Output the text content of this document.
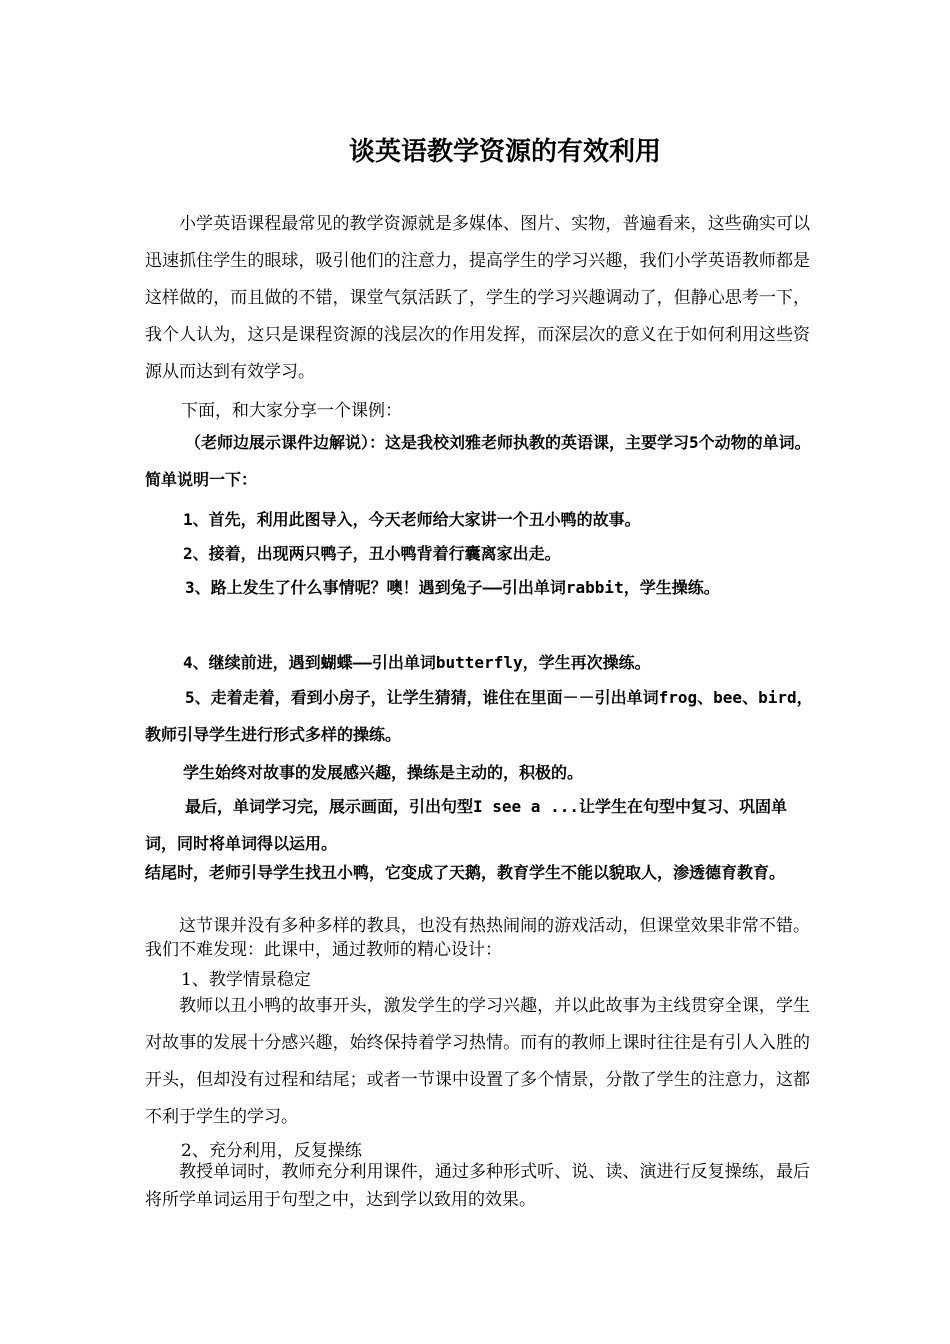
谈英语教学资源的有效利用

小学英语课程最常见的教学资源就是多媒体、图片、实物，普遍看来，这些确实可以迅速抓住学生的眼球，吸引他们的注意力，提高学生的学习兴趣，我们小学英语教师都是这样做的，而且做的不错，课堂气氛活跃了，学生的学习兴趣调动了，但静心思考一下，我个人认为，这只是课程资源的浅层次的作用发挥，而深层次的意义在于如何利用这些资源从而达到有效学习。

下面，和大家分享一个课例：

（老师边展示课件边解说）：这是我校刘雅老师执教的英语课，主要学习5个动物的单词。简单说明一下：

1、首先，利用此图导入，今天老师给大家讲一个丑小鸭的故事。

2、接着，出现两只鸭子，丑小鸭背着行囊离家出走。

3、路上发生了什么事情呢？噢！遇到兔子——引出单词rabbit，学生操练。

4、继续前进，遇到蝴蝶——引出单词butterfly，学生再次操练。

5、走着走着，看到小房子，让学生猜猜，谁住在里面－－引出单词frog、bee、bird，教师引导学生进行形式多样的操练。

学生始终对故事的发展感兴趣，操练是主动的，积极的。

最后，单词学习完，展示画面，引出句型I see a ...让学生在句型中复习、巩固单词，同时将单词得以运用。

结尾时，老师引导学生找丑小鸭，它变成了天鹅，教育学生不能以貌取人，渗透德育教育。

这节课并没有多种多样的教具，也没有热热闹闹的游戏活动，但课堂效果非常不错。我们不难发现：此课中，通过教师的精心设计：

1、教学情景稳定

教师以丑小鸭的故事开头，激发学生的学习兴趣，并以此故事为主线贯穿全课，学生对故事的发展十分感兴趣，始终保持着学习热情。而有的教师上课时往往是有引人入胜的开头，但却没有过程和结尾；或者一节课中设置了多个情景，分散了学生的注意力，这都不利于学生的学习。

2、充分利用，反复操练

教授单词时，教师充分利用课件，通过多种形式听、说、读、演进行反复操练，最后将所学单词运用于句型之中，达到学以致用的效果。
